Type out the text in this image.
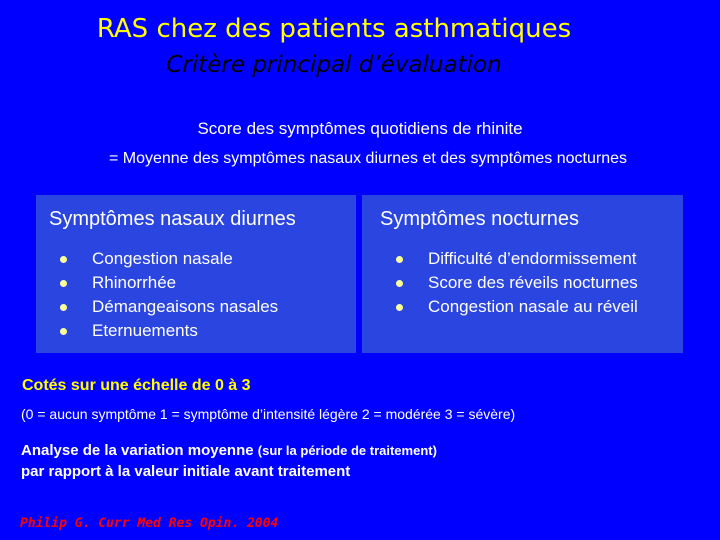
RAS chez des patients asthmatiques
Critère principal d’évaluation
Score des symptômes quotidiens de rhinite
= Moyenne des symptômes nasaux diurnes et des symptômes nocturnes
Symptômes nasaux diurnes
Congestion nasale
Rhinorrhée
Démangeaisons nasales
Eternuements
Symptômes nocturnes
Difficulté d’endormissement
Score des réveils nocturnes
Congestion nasale au réveil
Cotés sur une échelle de 0 à 3
(0 = aucun symptôme 1 = symptôme d’intensité légère 2 = modérée 3 = sévère)
Analyse de la variation moyenne (sur la période de traitement)
par rapport à la valeur initiale avant traitement
Philip G. Curr Med Res Opin. 2004
